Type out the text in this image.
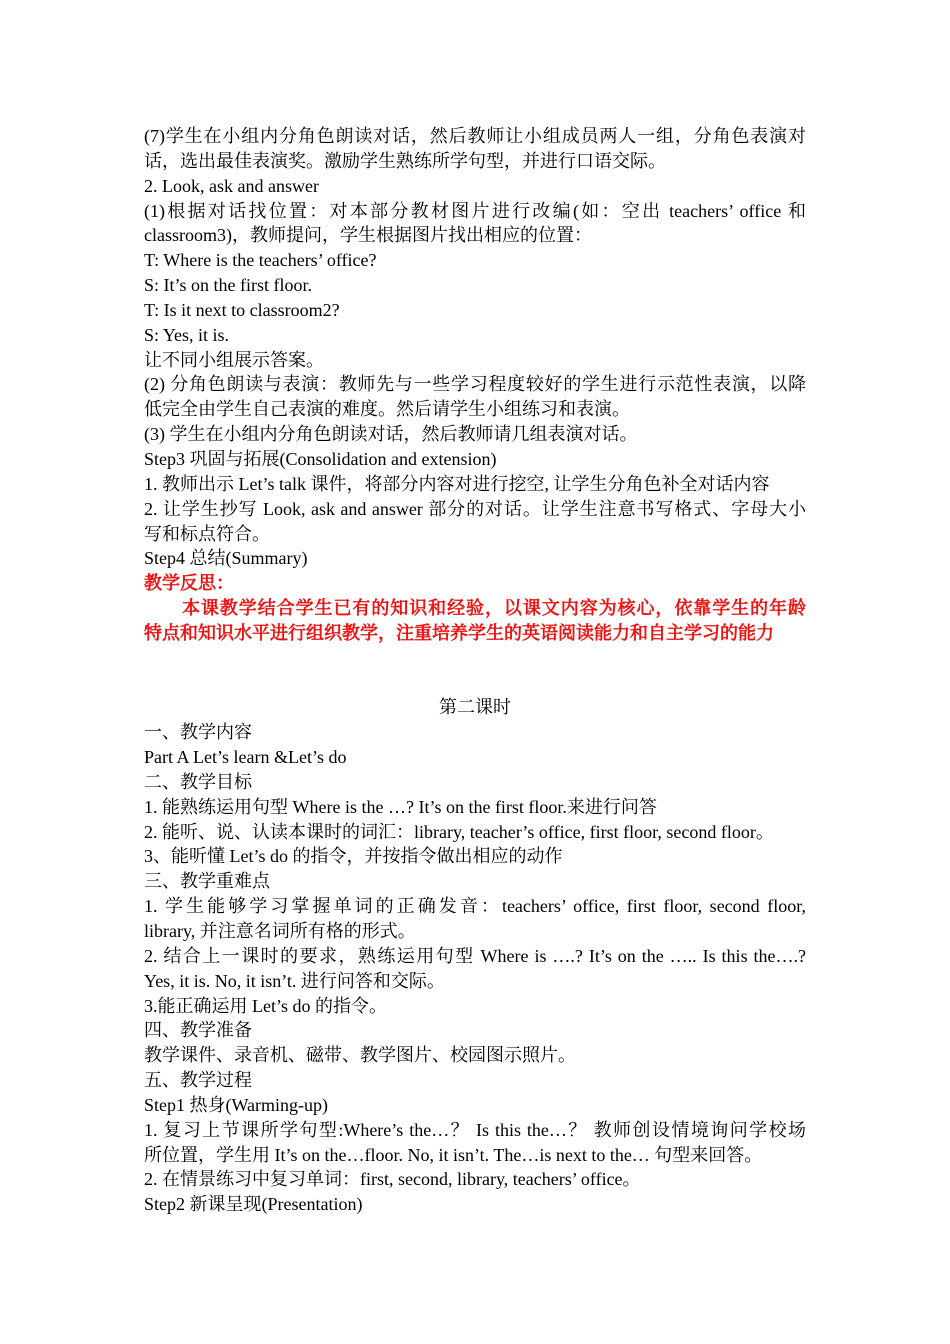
(7)学生在小组内分角色朗读对话，然后教师让小组成员两人一组，分角色表演对
话，选出最佳表演奖。激励学生熟练所学句型，并进行口语交际。
2. Look, ask and answer
(1)根据对话找位置：对本部分教材图片进行改编(如：空出 teachers’ office 和
classroom3)，教师提问，学生根据图片找出相应的位置：
T: Where is the teachers’ office?
S: It’s on the first floor.
T: Is it next to classroom2?
S: Yes, it is.
让不同小组展示答案。
(2) 分角色朗读与表演：教师先与一些学习程度较好的学生进行示范性表演，以降
低完全由学生自己表演的难度。然后请学生小组练习和表演。
(3) 学生在小组内分角色朗读对话，然后教师请几组表演对话。
Step3 巩固与拓展(Consolidation and extension)
1. 教师出示 Let’s talk 课件，将部分内容对进行挖空, 让学生分角色补全对话内容
2. 让学生抄写 Look, ask and answer 部分的对话。让学生注意书写格式、字母大小
写和标点符合。
Step4 总结(Summary)
教学反思：
本课教学结合学生已有的知识和经验，以课文内容为核心，依靠学生的年龄
特点和知识水平进行组织教学，注重培养学生的英语阅读能力和自主学习的能力
第二课时
一、教学内容
Part A Let’s learn &Let’s do
二、教学目标
1. 能熟练运用句型 Where is the …? It’s on the first floor.来进行问答
2. 能听、说、认读本课时的词汇：library, teacher’s office, first floor, second floor。
3、能听懂 Let’s do 的指令，并按指令做出相应的动作
三、教学重难点
1. 学生能够学习掌握单词的正确发音：teachers’ office, first floor, second floor,
library, 并注意名词所有格的形式。
2. 结合上一课时的要求，熟练运用句型 Where is ….? It’s on the ….. Is this the….?
Yes, it is. No, it isn’t. 进行问答和交际。
3.能正确运用 Let’s do 的指令。
四、教学准备
教学课件、录音机、磁带、教学图片、校园图示照片。
五、教学过程
Step1 热身(Warming-up)
1. 复习上节课所学句型:Where’s the…？ Is this the…？ 教师创设情境询问学校场
所位置，学生用 It’s on the…floor. No, it isn’t. The…is next to the… 句型来回答。
2. 在情景练习中复习单词：first, second, library, teachers’ office。
Step2 新课呈现(Presentation)
